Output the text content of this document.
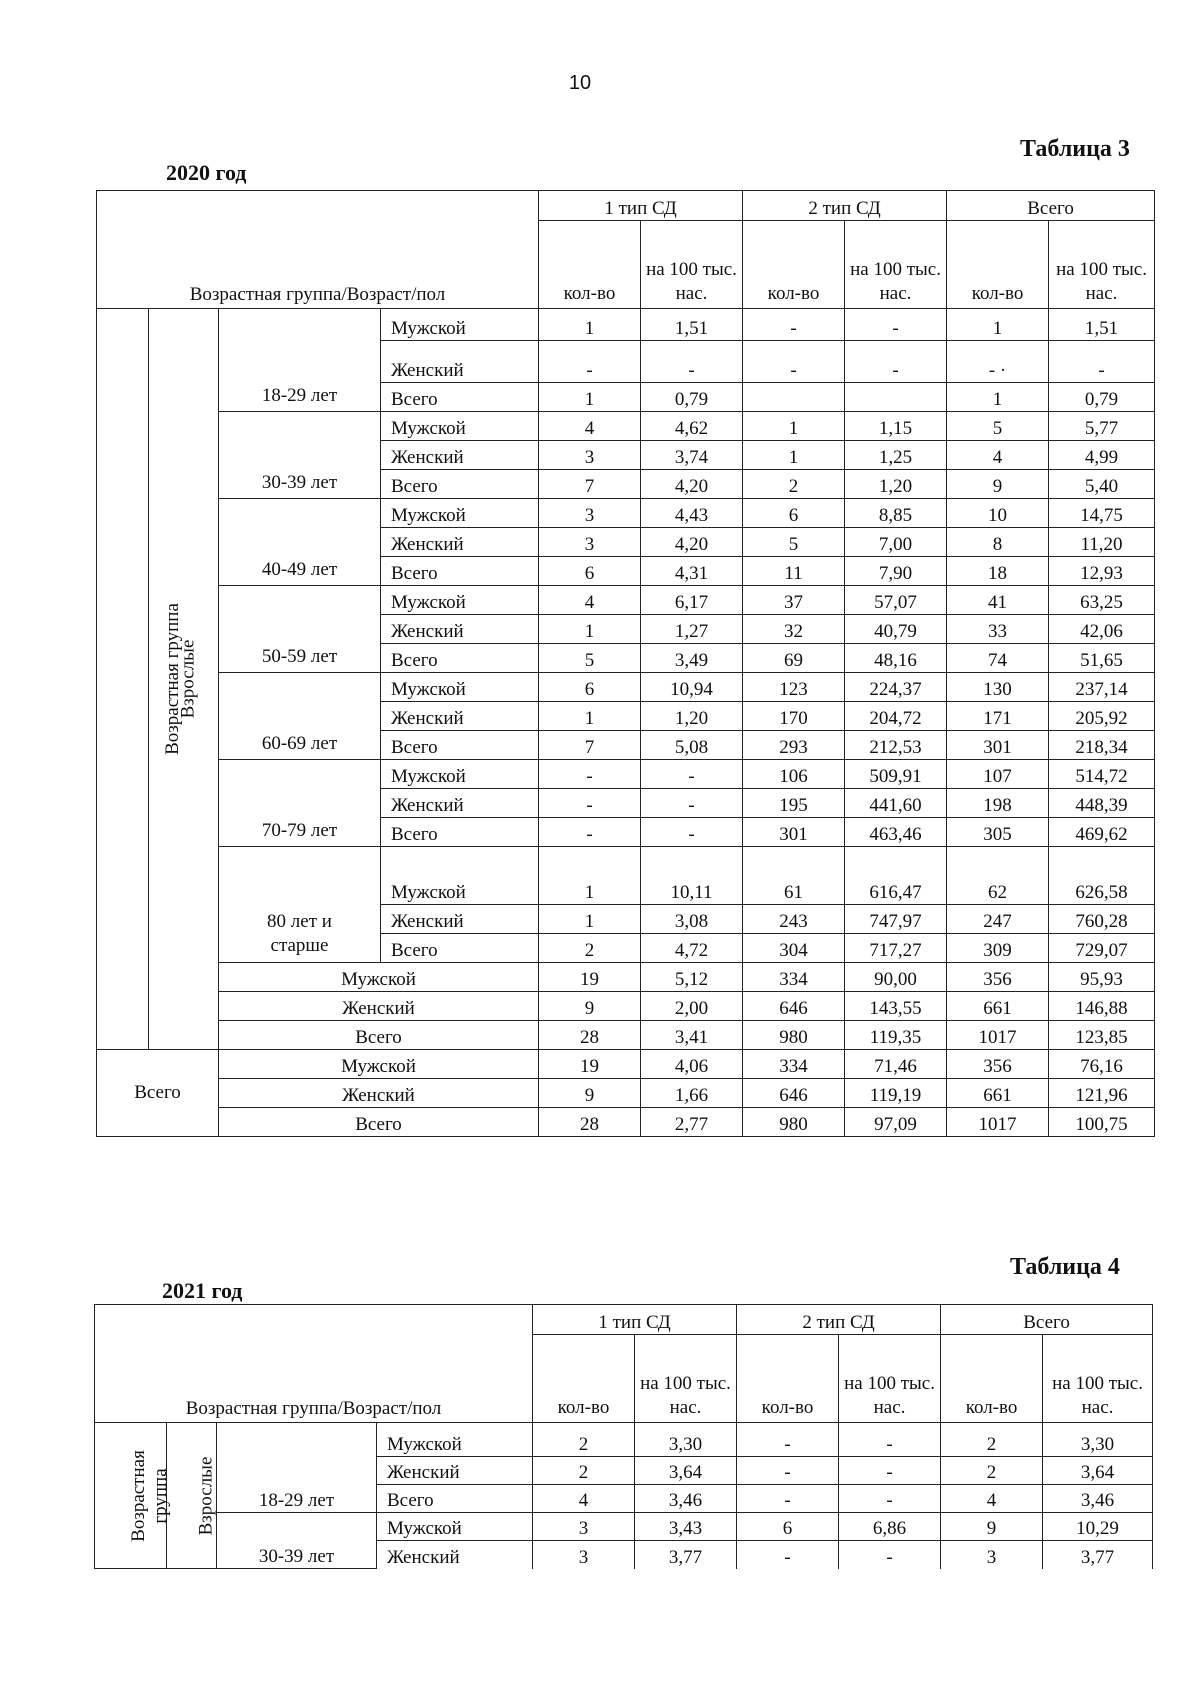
10
Таблица 3
2020 год
Возрастная группа/Возраст/пол				1 тип СД		2 тип СД		Всего	
				кол-во	на 100 тыс. нас.	кол-во	на 100 тыс. нас.	кол-во	на 100 тыс. нас.
Возрастная группа	Взрослые	18-29 лет	Мужской	1	1,51	-	-	1	1,51
			Женский	-	-	-	-	- ·	-
			Всего	1	0,79			1	0,79
		30-39 лет	Мужской	4	4,62	1	1,15	5	5,77
			Женский	3	3,74	1	1,25	4	4,99
			Всего	7	4,20	2	1,20	9	5,40
		40-49 лет	Мужской	3	4,43	6	8,85	10	14,75
			Женский	3	4,20	5	7,00	8	11,20
			Всего	6	4,31	11	7,90	18	12,93
		50-59 лет	Мужской	4	6,17	37	57,07	41	63,25
			Женский	1	1,27	32	40,79	33	42,06
			Всего	5	3,49	69	48,16	74	51,65
		60-69 лет	Мужской	6	10,94	123	224,37	130	237,14
			Женский	1	1,20	170	204,72	171	205,92
			Всего	7	5,08	293	212,53	301	218,34
		70-79 лет	Мужской	-	-	106	509,91	107	514,72
			Женский	-	-	195	441,60	198	448,39
			Всего	-	-	301	463,46	305	469,62
		80 лет и старше	Мужской	1	10,11	61	616,47	62	626,58
			Женский	1	3,08	243	747,97	247	760,28
			Всего	2	4,72	304	717,27	309	729,07
		Мужской		19	5,12	334	90,00	356	95,93
		Женский		9	2,00	646	143,55	661	146,88
		Всего		28	3,41	980	119,35	1017	123,85
Всего		Мужской		19	4,06	334	71,46	356	76,16
		Женский		9	1,66	646	119,19	661	121,96
		Всего		28	2,77	980	97,09	1017	100,75
Таблица 4
2021 год
Возрастная группа/Возраст/пол				1 тип СД		2 тип СД		Всего	
				кол-во	на 100 тыс. нас.	кол-во	на 100 тыс. нас.	кол-во	на 100 тыс. нас.
Возрастная группа	Взрослые	18-29 лет	Мужской	2	3,30	-	-	2	3,30
			Женский	2	3,64	-	-	2	3,64
			Всего	4	3,46	-	-	4	3,46
		30-39 лет	Мужской	3	3,43	6	6,86	9	10,29
			Женский	3	3,77	-	-	3	3,77
